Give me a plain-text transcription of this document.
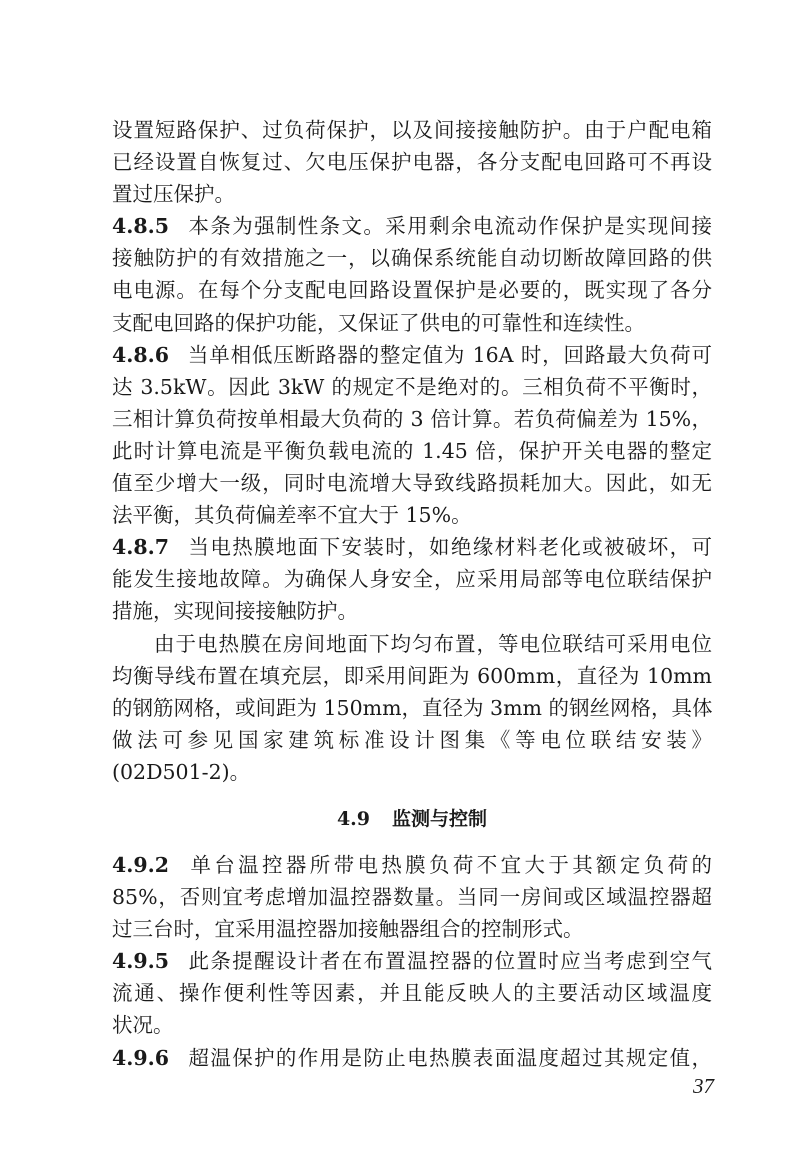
设置短路保护、过负荷保护，以及间接接触防护。由于户配电箱
已经设置自恢复过、欠电压保护电器，各分支配电回路可不再设
置过压保护。
4.8.5 本条为强制性条文。采用剩余电流动作保护是实现间接
接触防护的有效措施之一，以确保系统能自动切断故障回路的供
电电源。在每个分支配电回路设置保护是必要的，既实现了各分
支配电回路的保护功能，又保证了供电的可靠性和连续性。
4.8.6 当单相低压断路器的整定值为 16A 时，回路最大负荷可
达 3.5kW。因此 3kW 的规定不是绝对的。三相负荷不平衡时，
三相计算负荷按单相最大负荷的 3 倍计算。若负荷偏差为 15%，
此时计算电流是平衡负载电流的 1.45 倍，保护开关电器的整定
值至少增大一级，同时电流增大导致线路损耗加大。因此，如无
法平衡，其负荷偏差率不宜大于 15%。
4.8.7 当电热膜地面下安装时，如绝缘材料老化或被破坏，可
能发生接地故障。为确保人身安全，应采用局部等电位联结保护
措施，实现间接接触防护。
由于电热膜在房间地面下均匀布置，等电位联结可采用电位
均衡导线布置在填充层，即采用间距为 600mm，直径为 10mm
的钢筋网格，或间距为 150mm，直径为 3mm 的钢丝网格，具体
做法可参见国家建筑标准设计图集《等电位联结安装》
(02D501-2)。
4.9 监测与控制
4.9.2 单台温控器所带电热膜负荷不宜大于其额定负荷的
85%，否则宜考虑增加温控器数量。当同一房间或区域温控器超
过三台时，宜采用温控器加接触器组合的控制形式。
4.9.5 此条提醒设计者在布置温控器的位置时应当考虑到空气
流通、操作便利性等因素，并且能反映人的主要活动区域温度
状况。
4.9.6 超温保护的作用是防止电热膜表面温度超过其规定值，
37
